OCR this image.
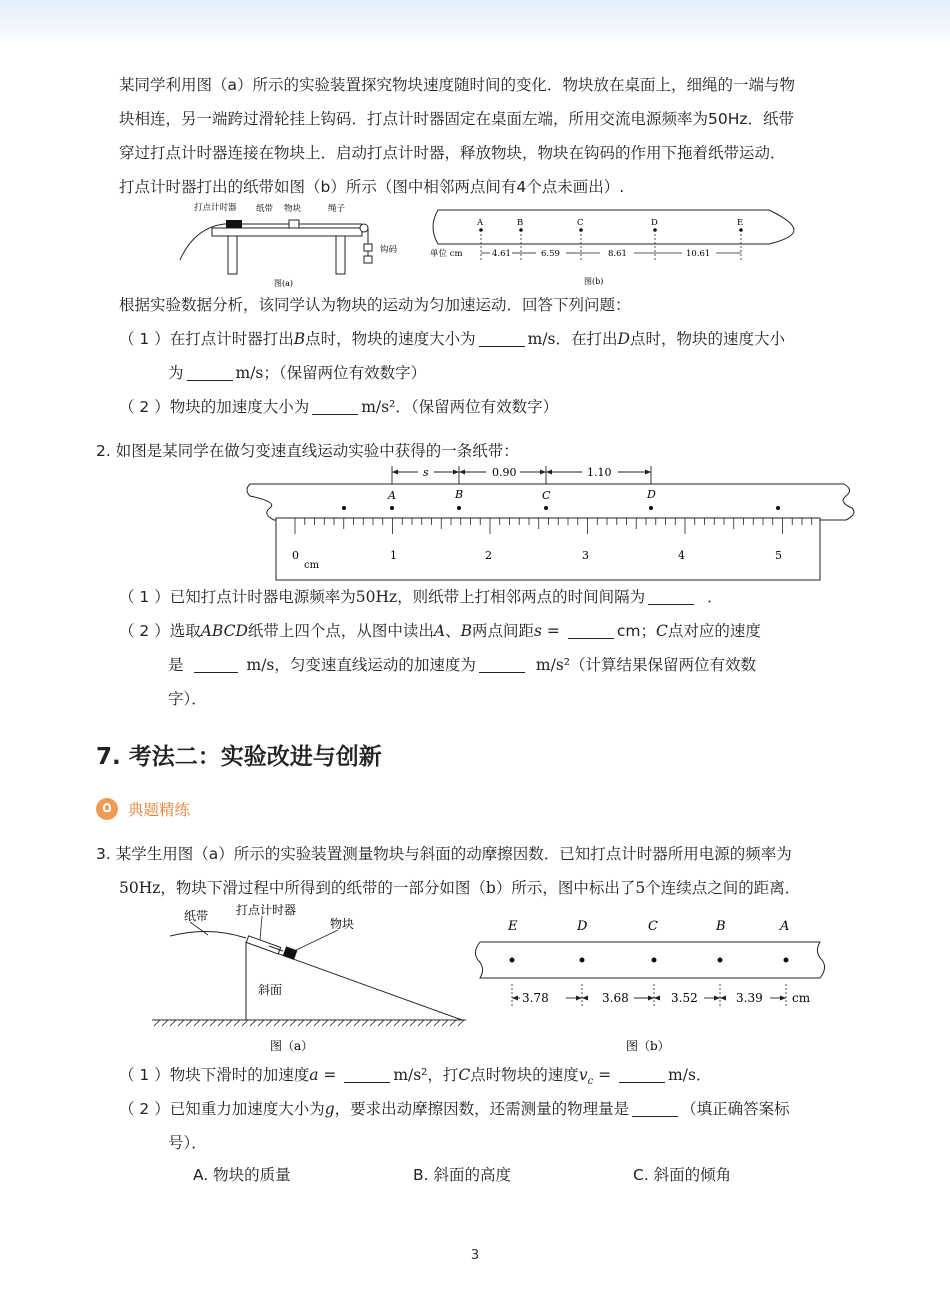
某同学利用图（a）所示的实验装置探究物块速度随时间的变化．物块放在桌面上，细绳的一端与物
块相连，另一端跨过滑轮挂上钩码．打点计时器固定在桌面左端，所用交流电源频率为50Hz．纸带
穿过打点计时器连接在物块上．启动打点计时器，释放物块，物块在钩码的作用下拖着纸带运动．
打点计时器打出的纸带如图（b）所示（图中相邻两点间有4个点未画出）.
打点计时器 纸带 物块	绳子
钩码
图(a)
A	B	C	D	E
单位 cm	4.61	6.59	8.61	10.61
图(b)
根据实验数据分析，该同学认为物块的运动为匀加速运动．回答下列问题：
（ 1 ）在打点计时器打出B点时，物块的速度大小为	m/s．在打出D点时，物块的速度大小
为	m/s；（保留两位有效数字）
（ 2 ）物块的加速度大小为	m/s²．（保留两位有效数字）
2. 如图是某同学在做匀变速直线运动实验中获得的一条纸带：
s	0.90	1.10
A	B	C	D
0	1	2	3	4	5
cm
（ 1 ）已知打点计时器电源频率为50Hz，则纸带上打相邻两点的时间间隔为	．
（ 2 ）选取ABCD纸带上四个点，从图中读出A、B两点间距s =	cm；C点对应的速度
是	m/s，匀变速直线运动的加速度为	m/s²（计算结果保留两位有效数
字）．
7. 考法二：实验改进与创新
典题精练
3. 某学生用图（a）所示的实验装置测量物块与斜面的动摩擦因数．已知打点计时器所用电源的频率为
50Hz，物块下滑过程中所得到的纸带的一部分如图（b）所示，图中标出了5个连续点之间的距离．
纸带 打点计时器
物块
斜面
图（a）
E	D	C	B	A
3.78	3.68	3.52	3.39 cm
图（b）
（ 1 ）物块下滑时的加速度a =	m/s²，打C点时物块的速度$v_c$ =	m/s．
（ 2 ）已知重力加速度大小为g，要求出动摩擦因数，还需测量的物理量是	（填正确答案标
号）．
A. 物块的质量	B. 斜面的高度	C. 斜面的倾角
3
